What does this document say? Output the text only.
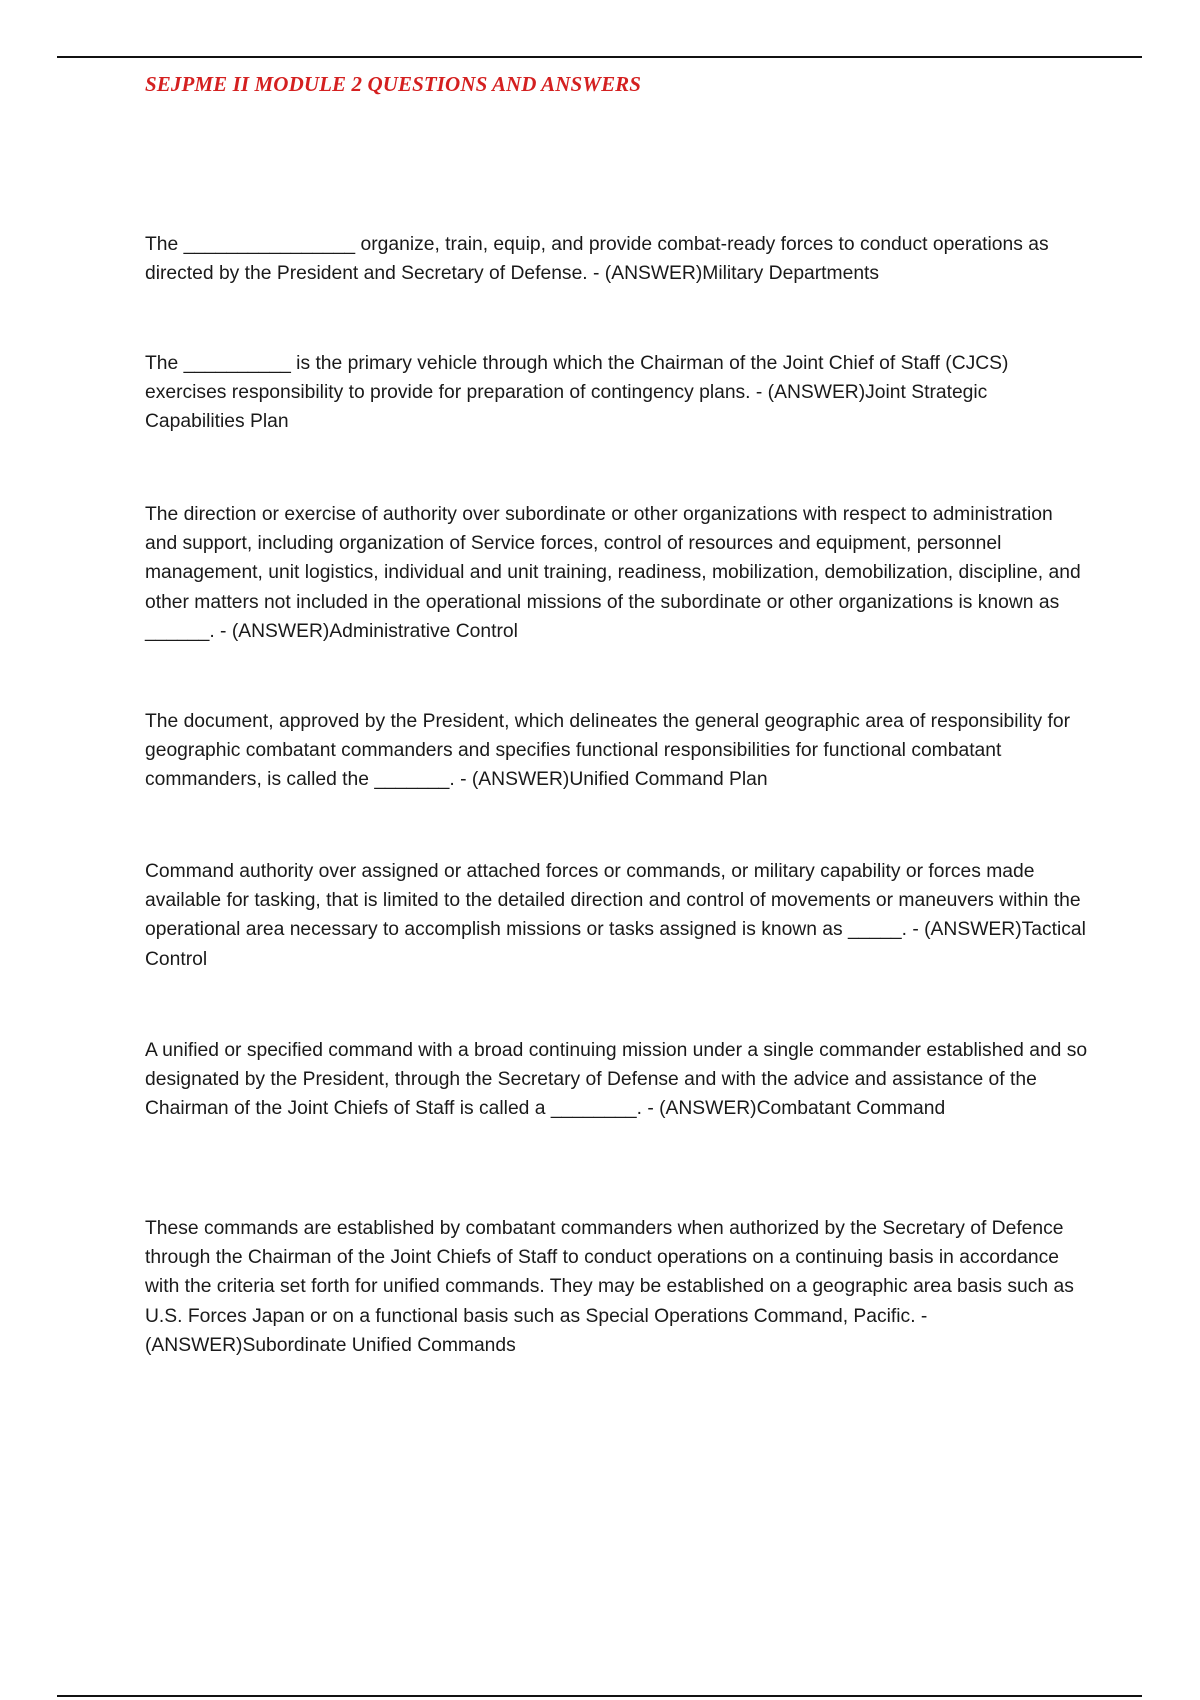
SEJPME II MODULE 2 QUESTIONS AND ANSWERS

The ________________ organize, train, equip, and provide combat-ready forces to conduct operations as directed by the President and Secretary of Defense. - (ANSWER)Military Departments

The __________ is the primary vehicle through which the Chairman of the Joint Chief of Staff (CJCS) exercises responsibility to provide for preparation of contingency plans. - (ANSWER)Joint Strategic Capabilities Plan

The direction or exercise of authority over subordinate or other organizations with respect to administration and support, including organization of Service forces, control of resources and equipment, personnel management, unit logistics, individual and unit training, readiness, mobilization, demobilization, discipline, and other matters not included in the operational missions of the subordinate or other organizations is known as ______. - (ANSWER)Administrative Control

The document, approved by the President, which delineates the general geographic area of responsibility for geographic combatant commanders and specifies functional responsibilities for functional combatant commanders, is called the _______. - (ANSWER)Unified Command Plan

Command authority over assigned or attached forces or commands, or military capability or forces made available for tasking, that is limited to the detailed direction and control of movements or maneuvers within the operational area necessary to accomplish missions or tasks assigned is known as _____. - (ANSWER)Tactical Control

A unified or specified command with a broad continuing mission under a single commander established and so designated by the President, through the Secretary of Defense and with the advice and assistance of the Chairman of the Joint Chiefs of Staff is called a ________. - (ANSWER)Combatant Command

These commands are established by combatant commanders when authorized by the Secretary of Defence through the Chairman of the Joint Chiefs of Staff to conduct operations on a continuing basis in accordance with the criteria set forth for unified commands. They may be established on a geographic area basis such as U.S. Forces Japan or on a functional basis such as Special Operations Command, Pacific. - (ANSWER)Subordinate Unified Commands
